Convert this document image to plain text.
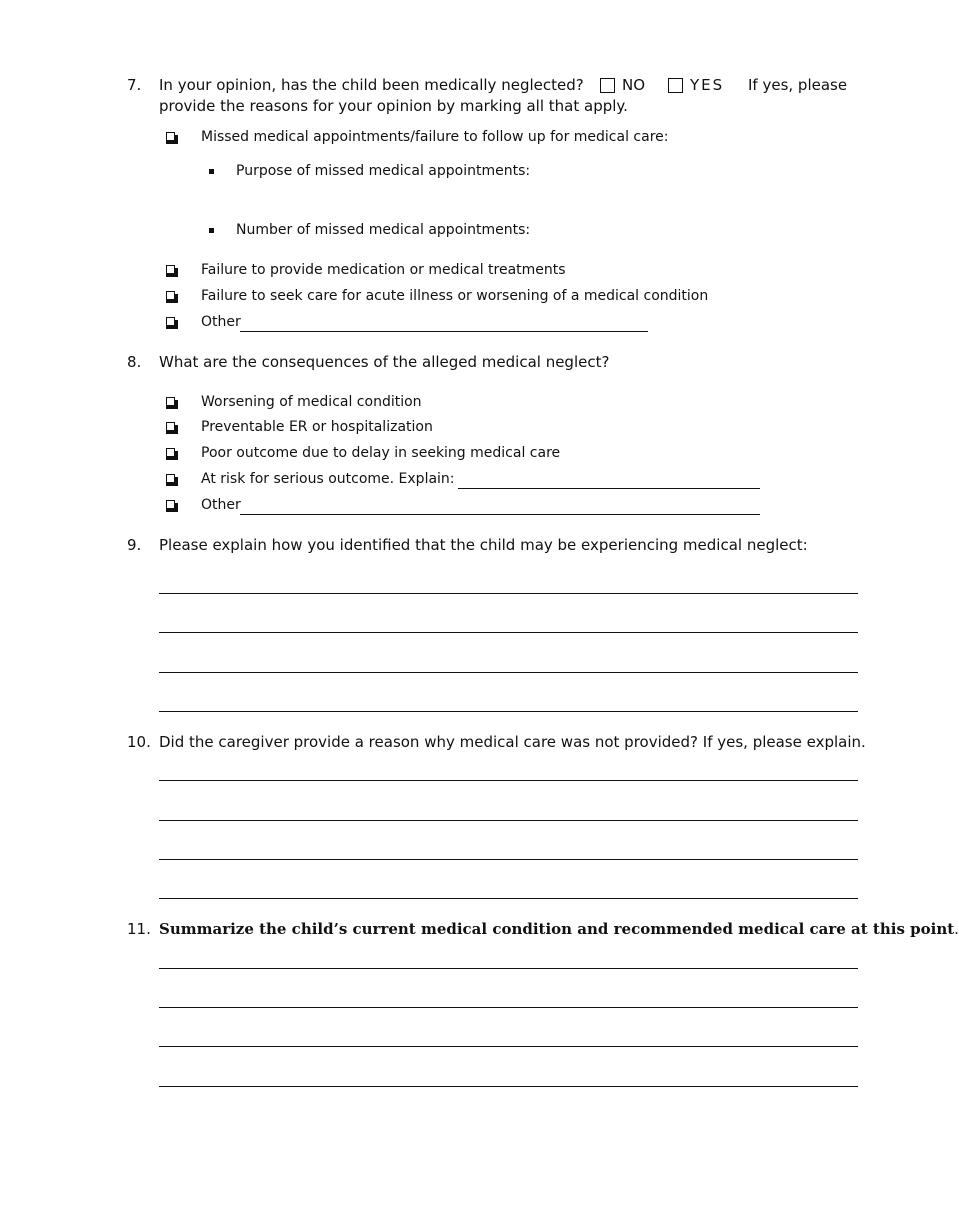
7. In your opinion, has the child been medically neglected?	NO	YES If yes, please
provide the reasons for your opinion by marking all that apply.
Missed medical appointments/failure to follow up for medical care:
Purpose of missed medical appointments:
Number of missed medical appointments:
Failure to provide medication or medical treatments
Failure to seek care for acute illness or worsening of a medical condition
Other
8. What are the consequences of the alleged medical neglect?
Worsening of medical condition
Preventable ER or hospitalization
Poor outcome due to delay in seeking medical care
At risk for serious outcome. Explain:
Other
9. Please explain how you identified that the child may be experiencing medical neglect:
10. Did the caregiver provide a reason why medical care was not provided? If yes, please explain.
11. Summarize the child’s current medical condition and recommended medical care at this point.
